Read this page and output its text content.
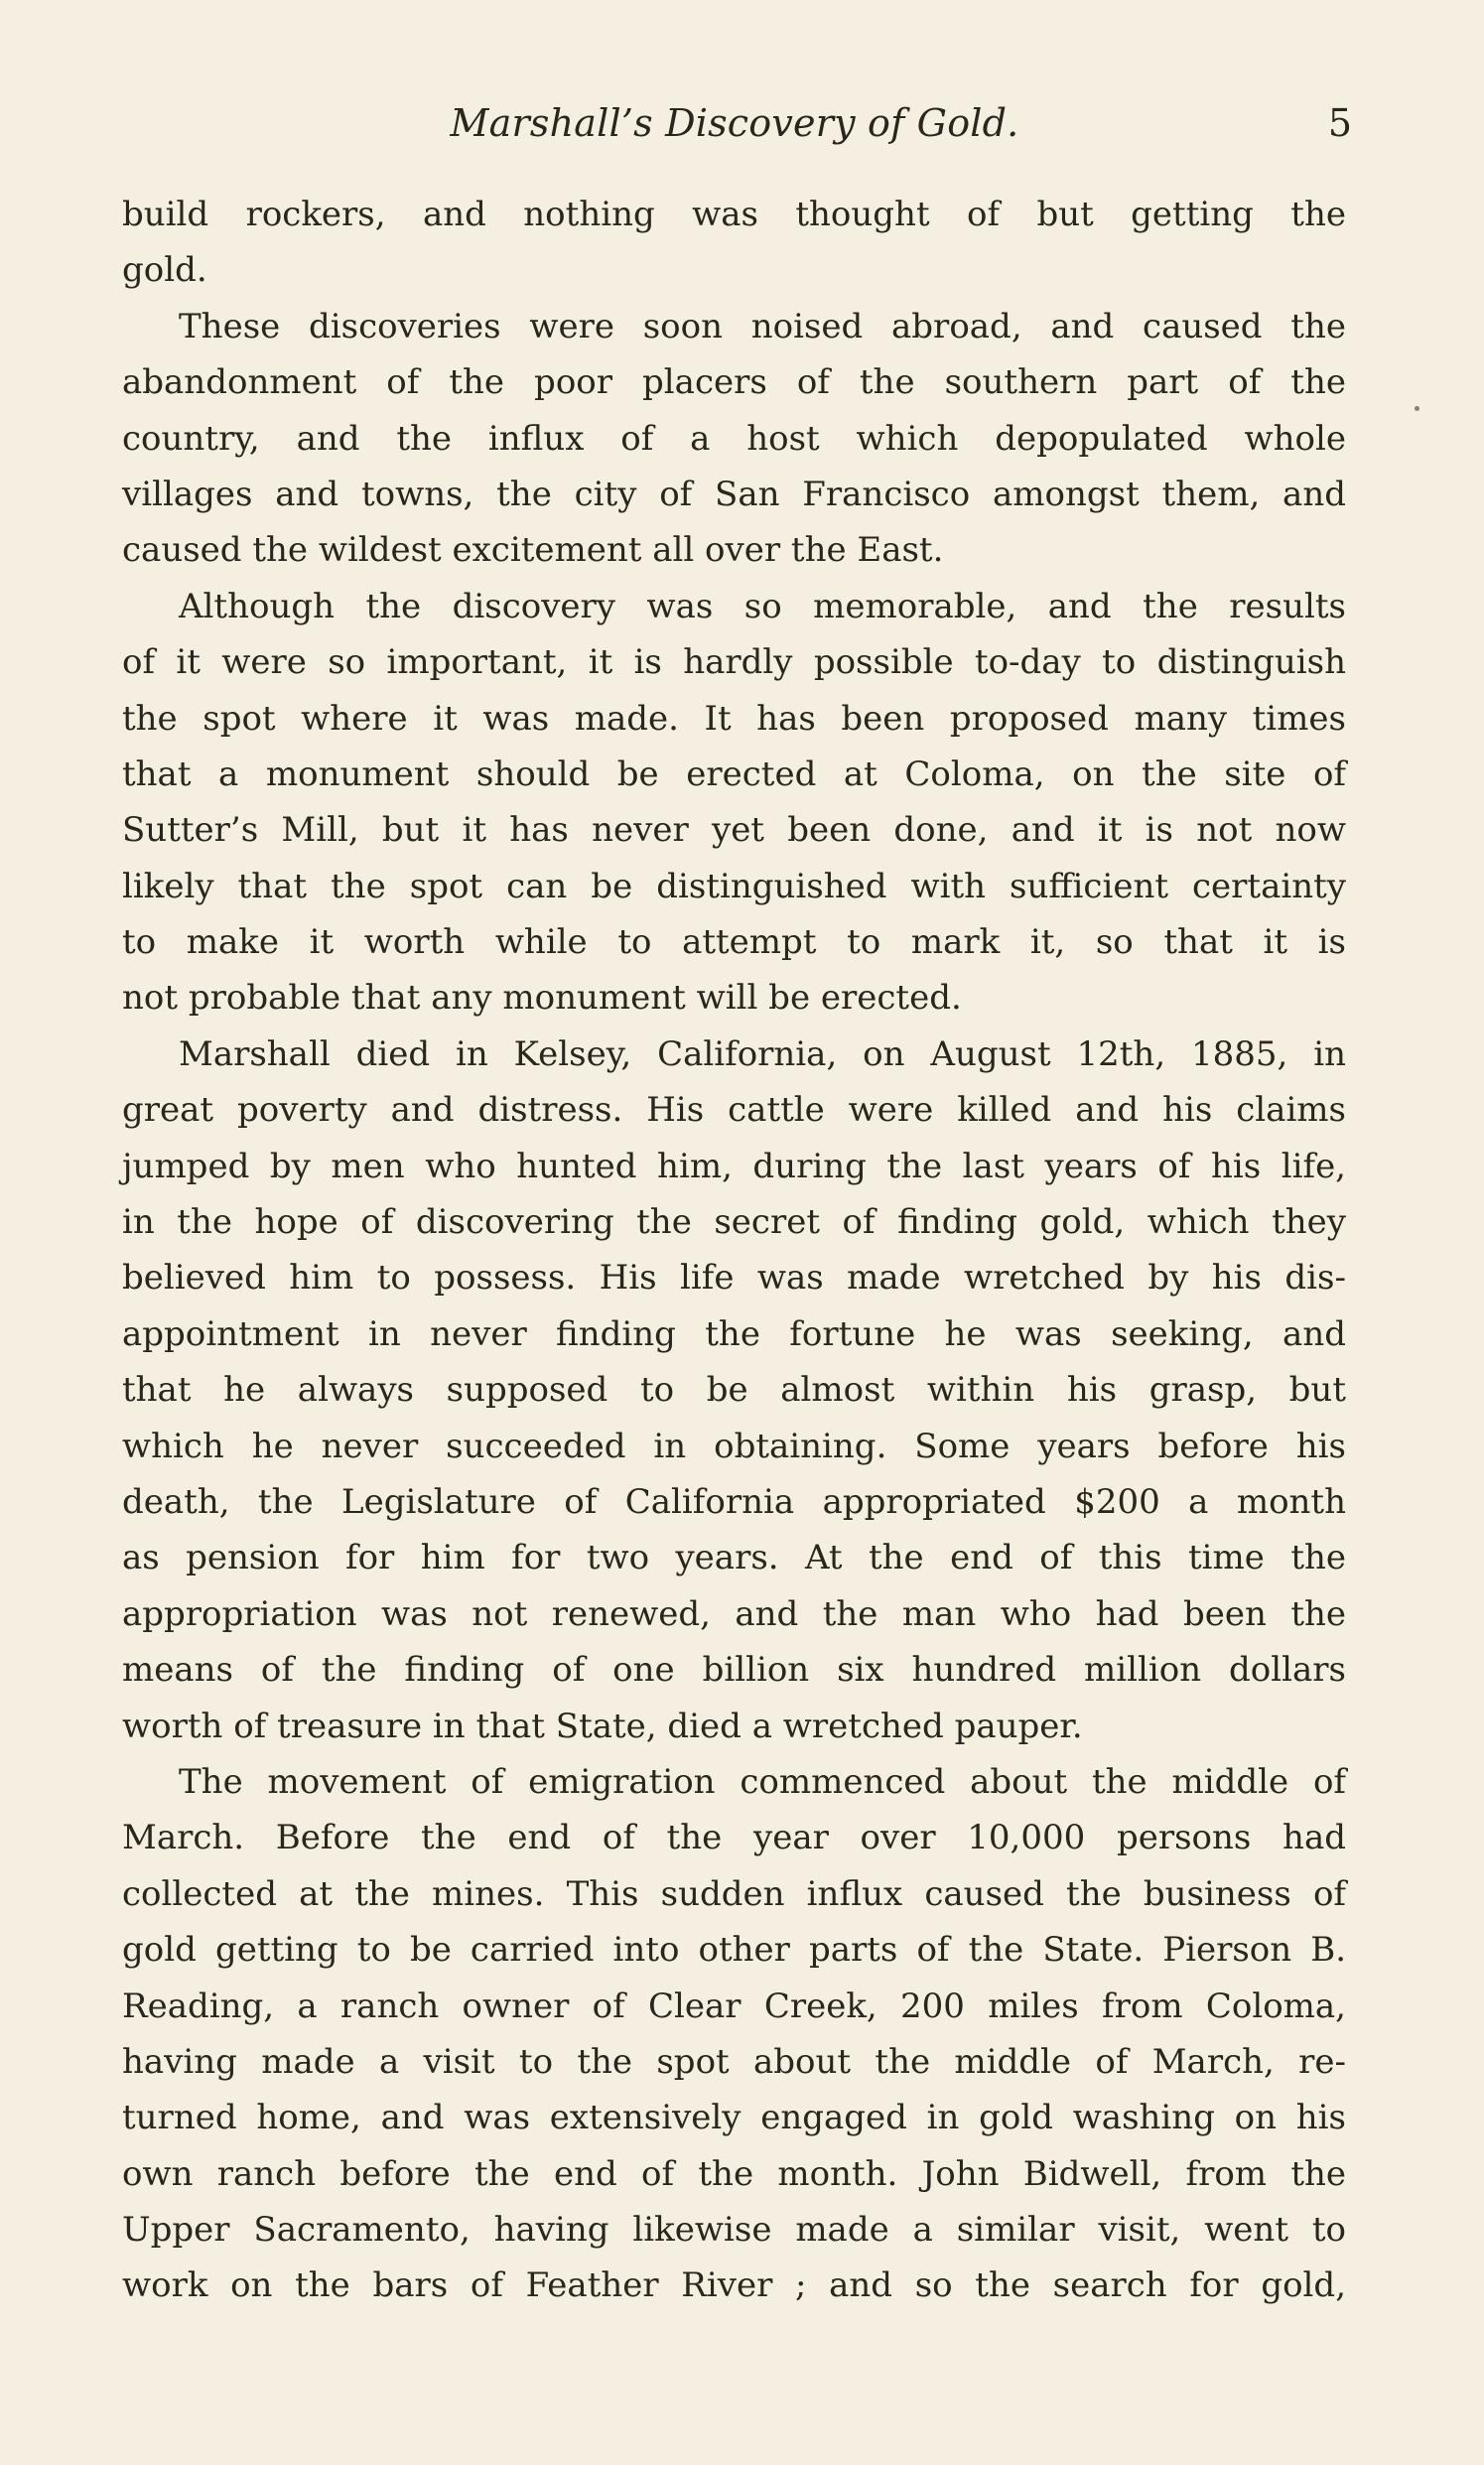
Marshall’s Discovery of Gold.	5
build rockers, and nothing was thought of but getting the
gold.
These discoveries were soon noised abroad, and caused the
abandonment of the poor placers of the southern part of the
country, and the influx of a host which depopulated whole
villages and towns, the city of San Francisco amongst them, and
caused the wildest excitement all over the East.
Although the discovery was so memorable, and the results
of it were so important, it is hardly possible to-day to distinguish
the spot where it was made. It has been proposed many times
that a monument should be erected at Coloma, on the site of
Sutter’s Mill, but it has never yet been done, and it is not now
likely that the spot can be distinguished with sufficient certainty
to make it worth while to attempt to mark it, so that it is
not probable that any monument will be erected.
Marshall died in Kelsey, California, on August 12th, 1885, in
great poverty and distress. His cattle were killed and his claims
jumped by men who hunted him, during the last years of his life,
in the hope of discovering the secret of finding gold, which they
believed him to possess. His life was made wretched by his dis-
appointment in never finding the fortune he was seeking, and
that he always supposed to be almost within his grasp, but
which he never succeeded in obtaining. Some years before his
death, the Legislature of California appropriated $200 a month
as pension for him for two years. At the end of this time the
appropriation was not renewed, and the man who had been the
means of the finding of one billion six hundred million dollars
worth of treasure in that State, died a wretched pauper.
The movement of emigration commenced about the middle of
March. Before the end of the year over 10,000 persons had
collected at the mines. This sudden influx caused the business of
gold getting to be carried into other parts of the State. Pierson B.
Reading, a ranch owner of Clear Creek, 200 miles from Coloma,
having made a visit to the spot about the middle of March, re-
turned home, and was extensively engaged in gold washing on his
own ranch before the end of the month. John Bidwell, from the
Upper Sacramento, having likewise made a similar visit, went to
work on the bars of Feather River ; and so the search for gold,
